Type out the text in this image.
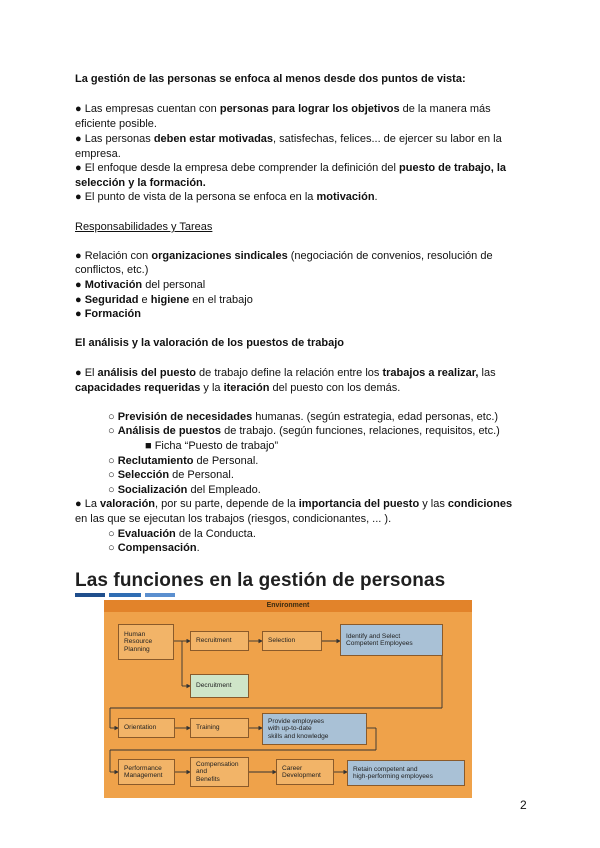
La gestión de las personas se enfoca al menos desde dos puntos de vista:
● Las empresas cuentan con personas para lograr los objetivos de la manera más
eficiente posible.
● Las personas deben estar motivadas, satisfechas, felices... de ejercer su labor en la
empresa.
● El enfoque desde la empresa debe comprender la definición del puesto de trabajo, la
selección y la formación.
● El punto de vista de la persona se enfoca en la motivación.
Responsabilidades y Tareas
● Relación con organizaciones sindicales (negociación de convenios, resolución de
conflictos, etc.)
● Motivación del personal
● Seguridad e higiene en el trabajo
● Formación
El análisis y la valoración de los puestos de trabajo
● El análisis del puesto de trabajo define la relación entre los trabajos a realizar, las
capacidades requeridas y la iteración del puesto con los demás.
○ Previsión de necesidades humanas. (según estrategia, edad personas, etc.)
○ Análisis de puestos de trabajo. (según funciones, relaciones, requisitos, etc.)
■ Ficha “Puesto de trabajo”
○ Reclutamiento de Personal.
○ Selección de Personal.
○ Socialización del Empleado.
● La valoración, por su parte, depende de la importancia del puesto y las condiciones
en las que se ejecutan los trabajos (riesgos, condicionantes, ... ).
○ Evaluación de la Conducta.
○ Compensación.
Las funciones en la gestión de personas
Environment
Human
Resource
Planning
Recruitment	Selection
Identify and Select
Competent Employees
Decruitment
Orientation	Training
Provide employees
with up-to-date
skills and knowledge
Performance
Management
Compensation
and
Benefits
Career
Development
Retain competent and
high-performing employees
2
